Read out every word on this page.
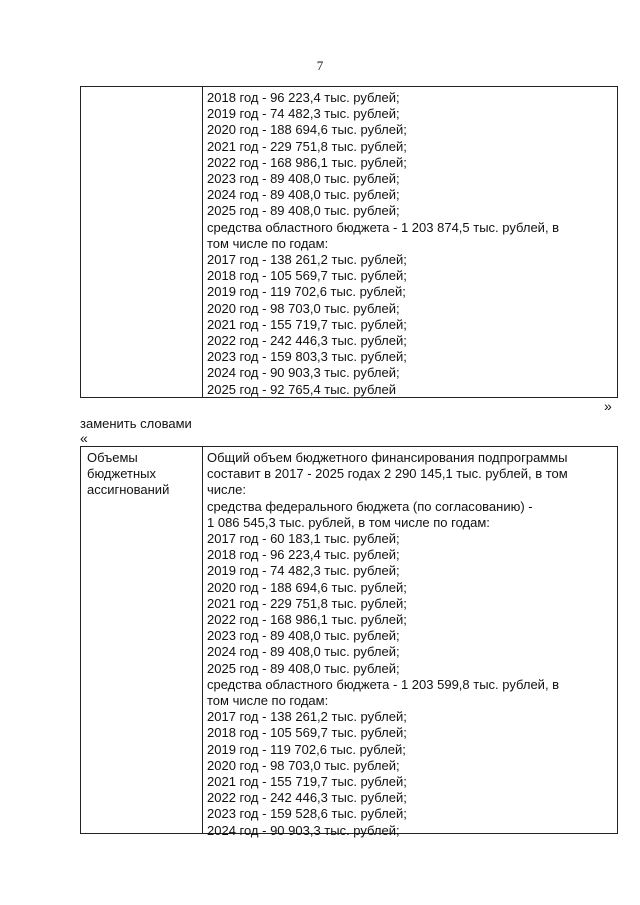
7
2018 год - 96 223,4 тыс. рублей;
2019 год - 74 482,3 тыс. рублей;
2020 год - 188 694,6 тыс. рублей;
2021 год - 229 751,8 тыс. рублей;
2022 год - 168 986,1 тыс. рублей;
2023 год - 89 408,0 тыс. рублей;
2024 год - 89 408,0 тыс. рублей;
2025 год - 89 408,0 тыс. рублей;
средства областного бюджета - 1 203 874,5 тыс. рублей, в
том числе по годам:
2017 год - 138 261,2 тыс. рублей;
2018 год - 105 569,7 тыс. рублей;
2019 год - 119 702,6 тыс. рублей;
2020 год - 98 703,0 тыс. рублей;
2021 год - 155 719,7 тыс. рублей;
2022 год - 242 446,3 тыс. рублей;
2023 год - 159 803,3 тыс. рублей;
2024 год - 90 903,3 тыс. рублей;
2025 год - 92 765,4 тыс. рублей
»
заменить словами
«
Объемы
бюджетных
ассигнований
Общий объем бюджетного финансирования подпрограммы
составит в 2017 - 2025 годах 2 290 145,1 тыс. рублей, в том
числе:
средства федерального бюджета (по согласованию) -
1 086 545,3 тыс. рублей, в том числе по годам:
2017 год - 60 183,1 тыс. рублей;
2018 год - 96 223,4 тыс. рублей;
2019 год - 74 482,3 тыс. рублей;
2020 год - 188 694,6 тыс. рублей;
2021 год - 229 751,8 тыс. рублей;
2022 год - 168 986,1 тыс. рублей;
2023 год - 89 408,0 тыс. рублей;
2024 год - 89 408,0 тыс. рублей;
2025 год - 89 408,0 тыс. рублей;
средства областного бюджета - 1 203 599,8 тыс. рублей, в
том числе по годам:
2017 год - 138 261,2 тыс. рублей;
2018 год - 105 569,7 тыс. рублей;
2019 год - 119 702,6 тыс. рублей;
2020 год - 98 703,0 тыс. рублей;
2021 год - 155 719,7 тыс. рублей;
2022 год - 242 446,3 тыс. рублей;
2023 год - 159 528,6 тыс. рублей;
2024 год - 90 903,3 тыс. рублей;
